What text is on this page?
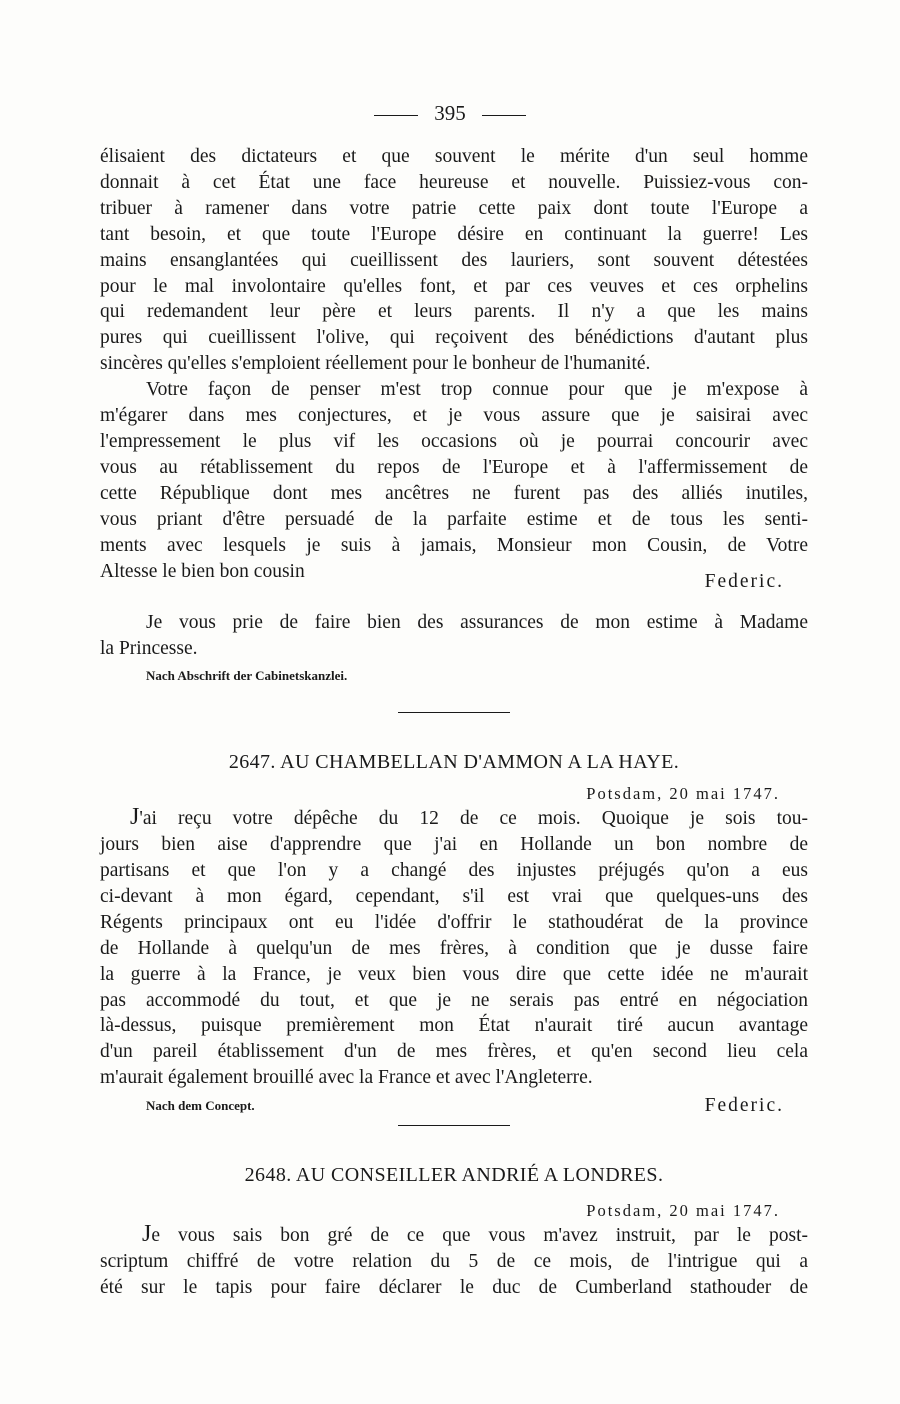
395

élisaient des dictateurs et que souvent le mérite d'un seul homme

donnait à cet État une face heureuse et nouvelle. Puissiez-vous con-

tribuer à ramener dans votre patrie cette paix dont toute l'Europe a

tant besoin, et que toute l'Europe désire en continuant la guerre! Les

mains ensanglantées qui cueillissent des lauriers, sont souvent détestées

pour le mal involontaire qu'elles font, et par ces veuves et ces orphelins

qui redemandent leur père et leurs parents. Il n'y a que les mains

pures qui cueillissent l'olive, qui reçoivent des bénédictions d'autant plus

sincères qu'elles s'emploient réellement pour le bonheur de l'humanité.

Votre façon de penser m'est trop connue pour que je m'expose à

m'égarer dans mes conjectures, et je vous assure que je saisirai avec

l'empressement le plus vif les occasions où je pourrai concourir avec

vous au rétablissement du repos de l'Europe et à l'affermissement de

cette République dont mes ancêtres ne furent pas des alliés inutiles,

vous priant d'être persuadé de la parfaite estime et de tous les senti-

ments avec lesquels je suis à jamais, Monsieur mon Cousin, de Votre

Altesse le bien bon cousin	Federic.

Je vous prie de faire bien des assurances de mon estime à Madame

la Princesse.

Nach Abschrift der Cabinetskanzlei.
2647. AU CHAMBELLAN D'AMMON A LA HAYE.
Potsdam, 20 mai 1747.

J'ai reçu votre dépêche du 12 de ce mois. Quoique je sois tou-

jours bien aise d'apprendre que j'ai en Hollande un bon nombre de

partisans et que l'on y a changé des injustes préjugés qu'on a eus

ci-devant à mon égard, cependant, s'il est vrai que quelques-uns des

Régents principaux ont eu l'idée d'offrir le stathoudérat de la province

de Hollande à quelqu'un de mes frères, à condition que je dusse faire

la guerre à la France, je veux bien vous dire que cette idée ne m'aurait

pas accommodé du tout, et que je ne serais pas entré en négociation

là-dessus, puisque premièrement mon État n'aurait tiré aucun avantage

d'un pareil établissement d'un de mes frères, et qu'en second lieu cela

m'aurait également brouillé avec la France et avec l'Angleterre.

Nach dem Concept.	Federic.
2648. AU CONSEILLER ANDRIÉ A LONDRES.
Potsdam, 20 mai 1747.

Je vous sais bon gré de ce que vous m'avez instruit, par le post-

scriptum chiffré de votre relation du 5 de ce mois, de l'intrigue qui a

été sur le tapis pour faire déclarer le duc de Cumberland stathouder de
